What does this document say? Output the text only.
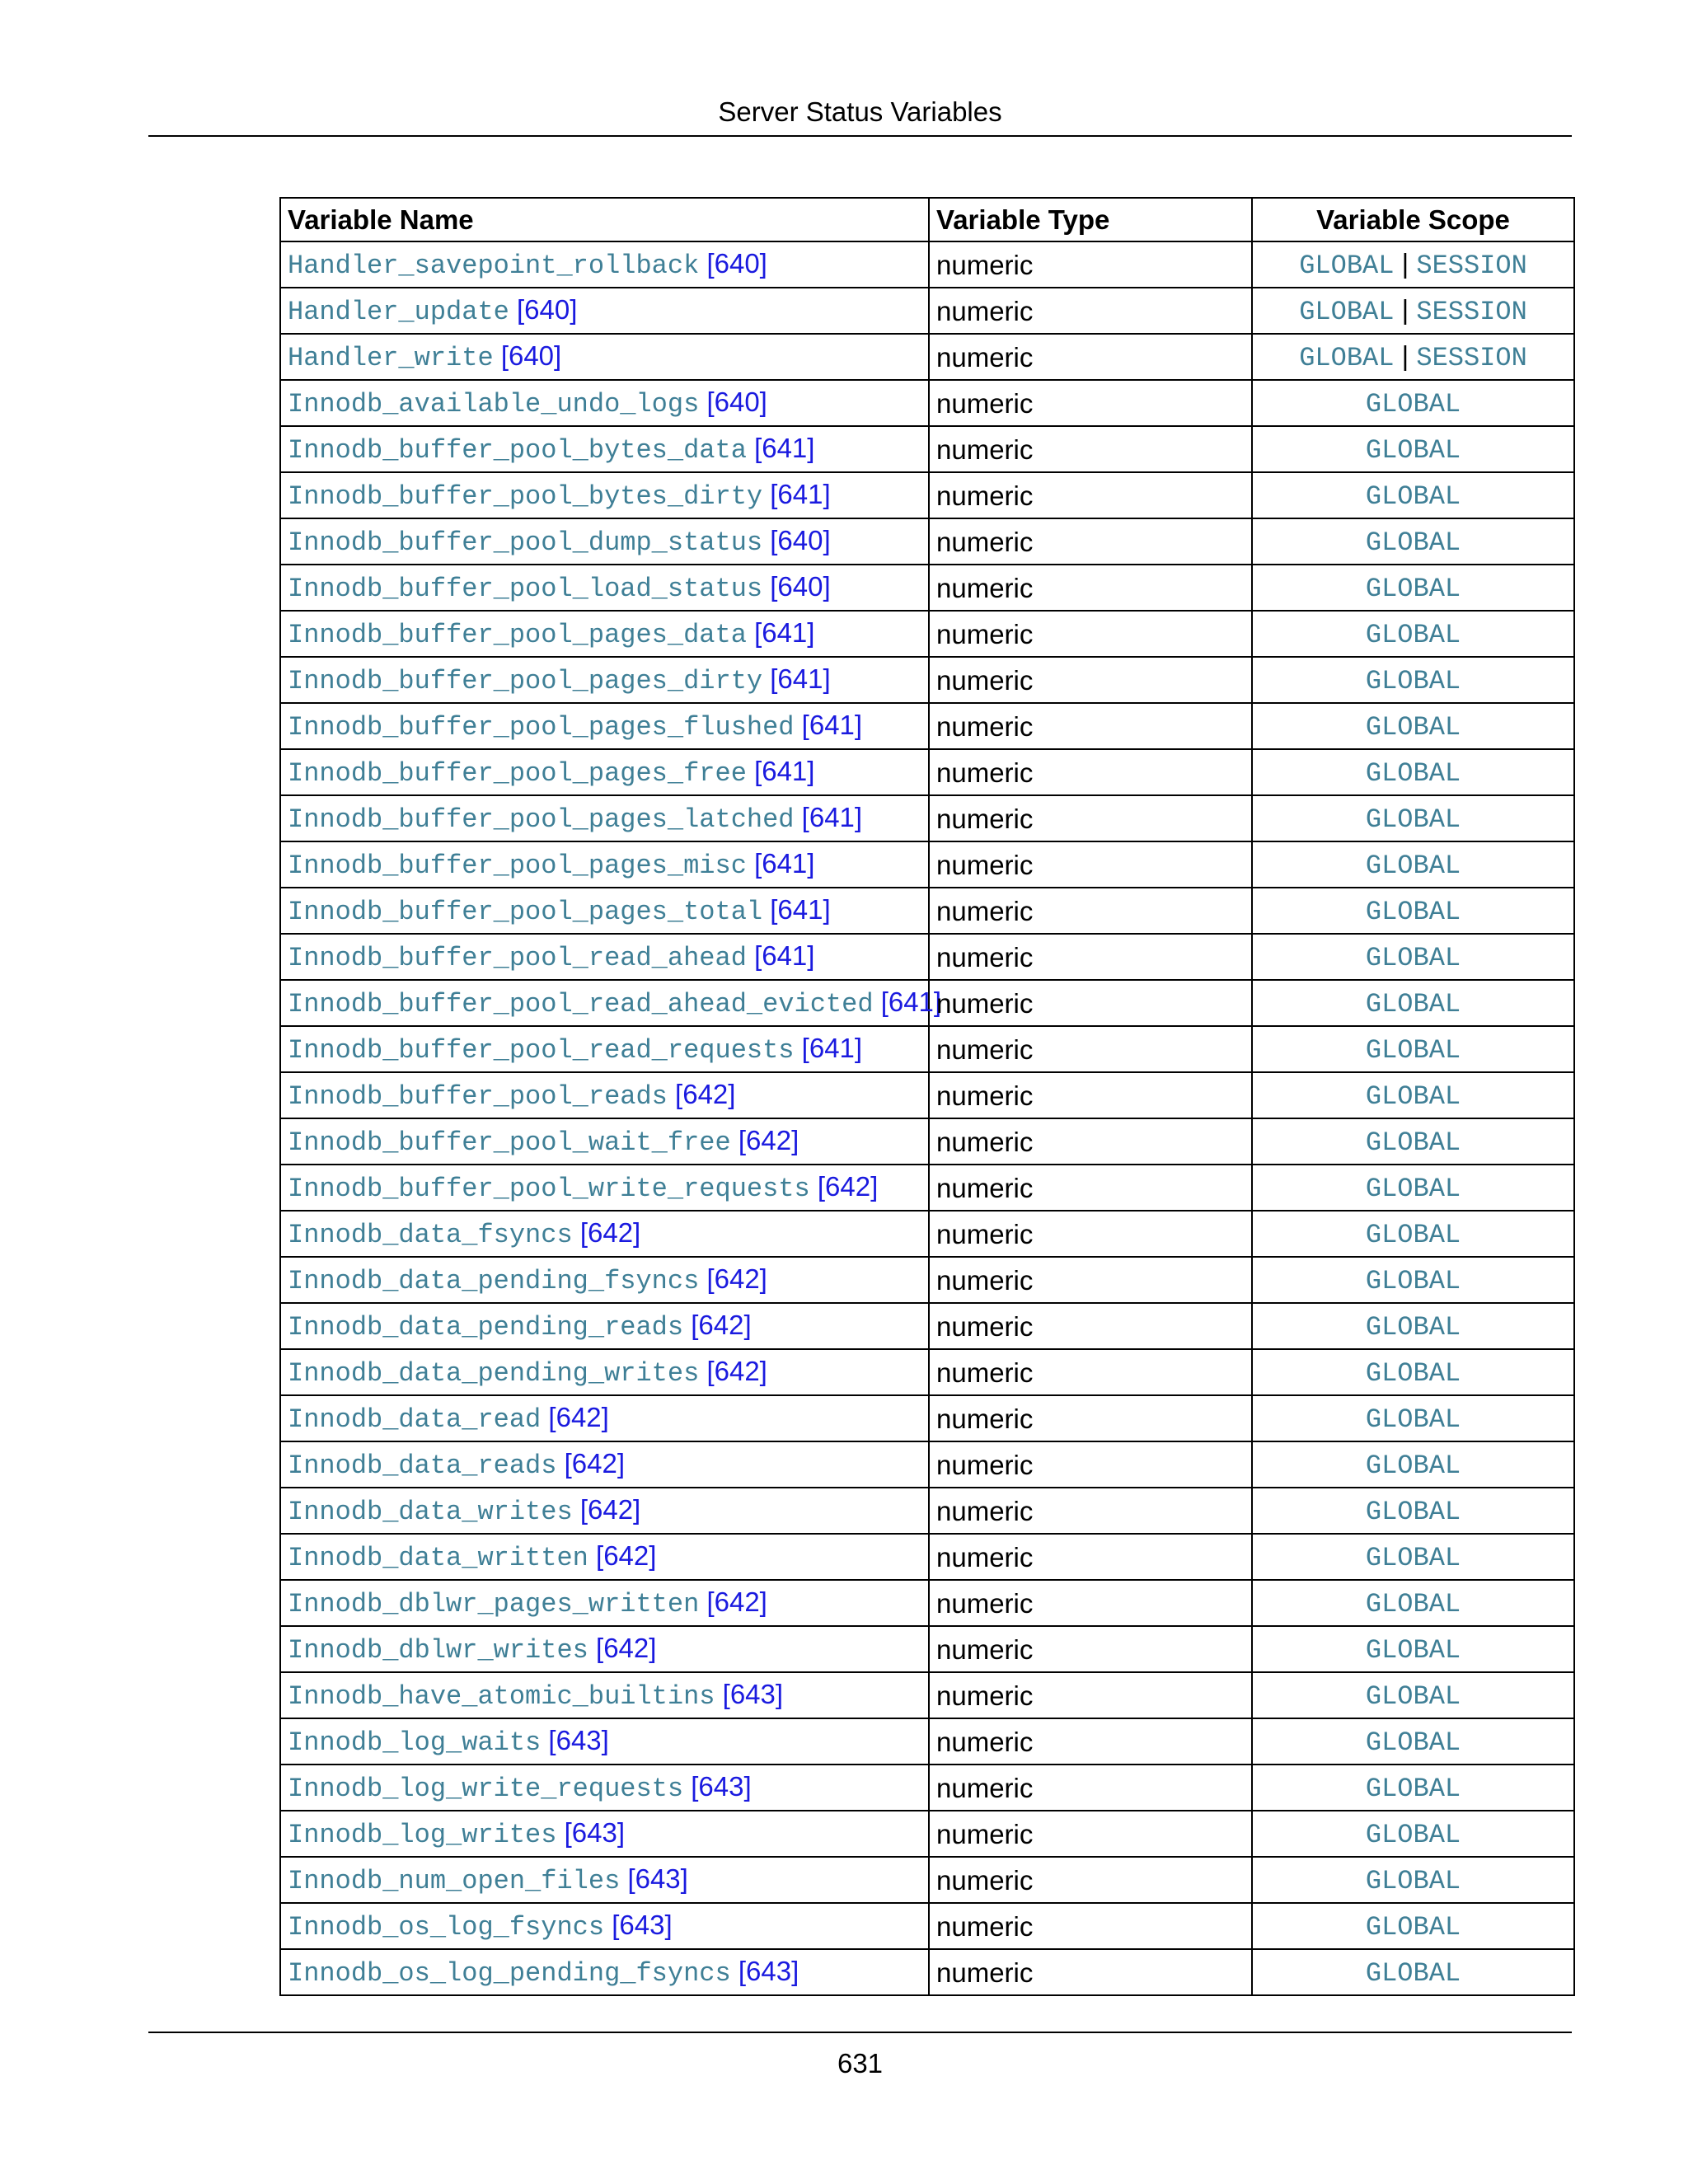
Server Status Variables
Variable Name	Variable Type	Variable Scope
Handler_savepoint_rollback [640]	numeric	GLOBAL | SESSION
Handler_update [640]	numeric	GLOBAL | SESSION
Handler_write [640]	numeric	GLOBAL | SESSION
Innodb_available_undo_logs [640]	numeric	GLOBAL
Innodb_buffer_pool_bytes_data [641]	numeric	GLOBAL
Innodb_buffer_pool_bytes_dirty [641]	numeric	GLOBAL
Innodb_buffer_pool_dump_status [640]	numeric	GLOBAL
Innodb_buffer_pool_load_status [640]	numeric	GLOBAL
Innodb_buffer_pool_pages_data [641]	numeric	GLOBAL
Innodb_buffer_pool_pages_dirty [641]	numeric	GLOBAL
Innodb_buffer_pool_pages_flushed [641]	numeric	GLOBAL
Innodb_buffer_pool_pages_free [641]	numeric	GLOBAL
Innodb_buffer_pool_pages_latched [641]	numeric	GLOBAL
Innodb_buffer_pool_pages_misc [641]	numeric	GLOBAL
Innodb_buffer_pool_pages_total [641]	numeric	GLOBAL
Innodb_buffer_pool_read_ahead [641]	numeric	GLOBAL
Innodb_buffer_pool_read_ahead_evicted [641]	numeric	GLOBAL
Innodb_buffer_pool_read_requests [641]	numeric	GLOBAL
Innodb_buffer_pool_reads [642]	numeric	GLOBAL
Innodb_buffer_pool_wait_free [642]	numeric	GLOBAL
Innodb_buffer_pool_write_requests [642]	numeric	GLOBAL
Innodb_data_fsyncs [642]	numeric	GLOBAL
Innodb_data_pending_fsyncs [642]	numeric	GLOBAL
Innodb_data_pending_reads [642]	numeric	GLOBAL
Innodb_data_pending_writes [642]	numeric	GLOBAL
Innodb_data_read [642]	numeric	GLOBAL
Innodb_data_reads [642]	numeric	GLOBAL
Innodb_data_writes [642]	numeric	GLOBAL
Innodb_data_written [642]	numeric	GLOBAL
Innodb_dblwr_pages_written [642]	numeric	GLOBAL
Innodb_dblwr_writes [642]	numeric	GLOBAL
Innodb_have_atomic_builtins [643]	numeric	GLOBAL
Innodb_log_waits [643]	numeric	GLOBAL
Innodb_log_write_requests [643]	numeric	GLOBAL
Innodb_log_writes [643]	numeric	GLOBAL
Innodb_num_open_files [643]	numeric	GLOBAL
Innodb_os_log_fsyncs [643]	numeric	GLOBAL
Innodb_os_log_pending_fsyncs [643]	numeric	GLOBAL
631
